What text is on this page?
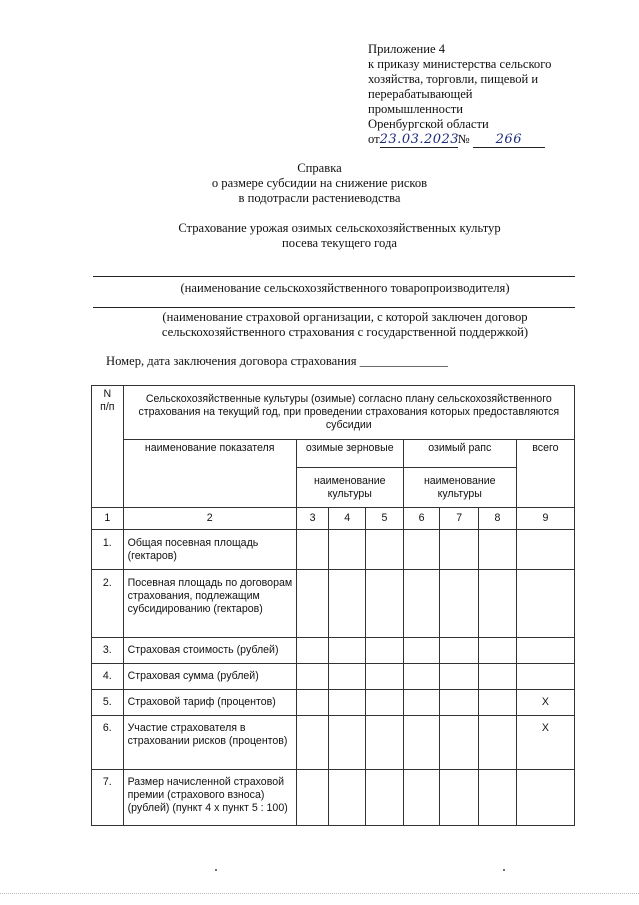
Приложение 4
к приказу министерства сельского
хозяйства, торговли, пищевой и
перерабатывающей
промышленности
Оренбургской области
от23.03.2023№ 266
Справка
о размере субсидии на снижение рисков
в подотрасли растениеводства
Страхование урожая озимых сельскохозяйственных культур
посева текущего года
(наименование сельскохозяйственного товаропроизводителя)
(наименование страховой организации, с которой заключен договор
сельскохозяйственного страхования с государственной поддержкой)
Номер, дата заключения договора страхования ______________
N
п/п	Сельскохозяйственные культуры (озимые) согласно плану сельскохозяйственного страхования на текущий год, при проведении страхования которых предоставляются субсидии							
	наименование показателя	озимые зерновые			озимый рапс			всего
		наименование культуры			наименование культуры			
1	2	3	4	5	6	7	8	9
1.	Общая посевная площадь (гектаров)							
2.	Посевная площадь по договорам страхования, подлежащим субсидированию (гектаров)							
3.	Страховая стоимость (рублей)							
4.	Страховая сумма (рублей)							
5.	Страховой тариф (процентов)							Х
6.	Участие страхователя в страховании рисков (процентов)							Х
7.	Размер начисленной страховой премии (страхового взноса) (рублей) (пункт 4 x пункт 5 : 100)							
